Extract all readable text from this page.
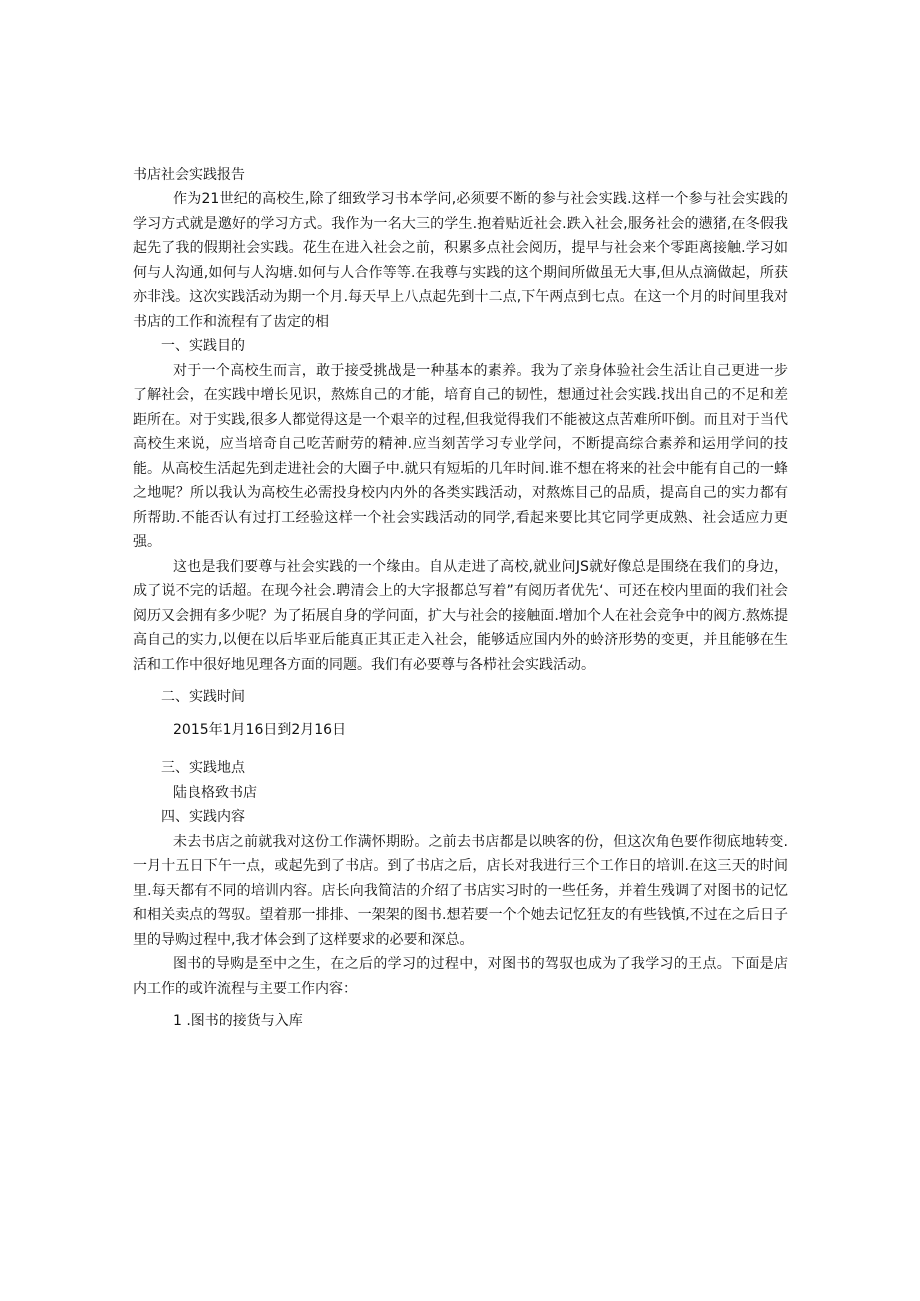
书店社会实践报告

作为21世纪的高校生,除了细致学习书本学问,必须要不断的参与社会实践.这样一个参与社会实践的学习方式就是邀好的学习方式。我作为一名大三的学生.抱着贴近社会.跌入社会,服务社会的懑猪,在冬假我起先了我的假期社会实践。花生在进入社会之前，积累多点社会阅历，提早与社会来个零距离接触.学习如何与人沟通,如何与人沟塘.如何与人合作等等.在我尊与实践的这个期间所做虽无大事,但从点滴做起，所获亦非浅。这次实践活动为期一个月.每天早上八点起先到十二点,下午两点到七点。在这一个月的时间里我对书店的工作和流程有了齿定的相

一、实践目的

对于一个高校生而言，敢于接受挑战是一种基本的素养。我为了亲身体验社会生活让自己更进一步了解社会，在实践中增长见识，熬炼自己的才能，培育自己的韧性，想通过社会实践.找出自己的不足和差距所在。对于实践,很多人都觉得这是一个艰辛的过程,但我觉得我们不能被这点苦难所吓倒。而且对于当代高校生来说，应当培奇自己吃苦耐劳的精神.应当刻苦学习专业学问，不断提高综合素养和运用学问的技能。从高校生活起先到走进社会的大圈子中.就只有短垢的几年时间.谁不想在将来的社会中能有自己的一蜂之地呢？所以我认为高校生必需投身校内内外的各类实践活动，对熬炼目己的品质，提高自己的实力都有所帮助.不能否认有过打工经验这样一个社会实践活动的同学,看起来要比其它同学更成熟、社会适应力更强。

这也是我们要尊与社会实践的一个缘由。自从走进了高校,就业问JS就好像总是围绕在我们的身边，成了说不完的话超。在现今社会.聘清会上的大字报都总写着”有阅历者优先‘、可还在校内里面的我们社会阅历又会拥有多少呢？为了拓展自身的学问面，扩大与社会的接触面.增加个人在社会竞争中的阀方.熬炼提高自己的实力,以便在以后毕亚后能真正其正走入社会，能够适应国内外的蛉济形势的变更，并且能够在生活和工作中很好地见理各方面的同题。我们有必要尊与各栉社会实践活动。

二、实践时间

2015年1月16日到2月16日

三、实践地点

陆良格致书店

四、实践内容

未去书店之前就我对这份工作满怀期盼。之前去书店都是以映客的份，但这次角色要作彻底地转变.一月十五日下午一点，或起先到了书店。到了书店之后，店长对我进行三个工作日的培训.在这三天的时间里.每天都有不同的培训内容。店长向我简洁的介绍了书店实习时的一些任务，并着生残调了对图书的记忆和相关卖点的驾驭。望着那一排排、一架架的图书.想若要一个个她去记忆狂友的有些钱慎,不过在之后日子里的导购过程中,我才体会到了这样要求的必要和深总。

图书的导购是至中之生，在之后的学习的过程中，对图书的驾驭也成为了我学习的王点。下面是店内工作的或许流程与主要工作内容：

1 .图书的接货与入库
